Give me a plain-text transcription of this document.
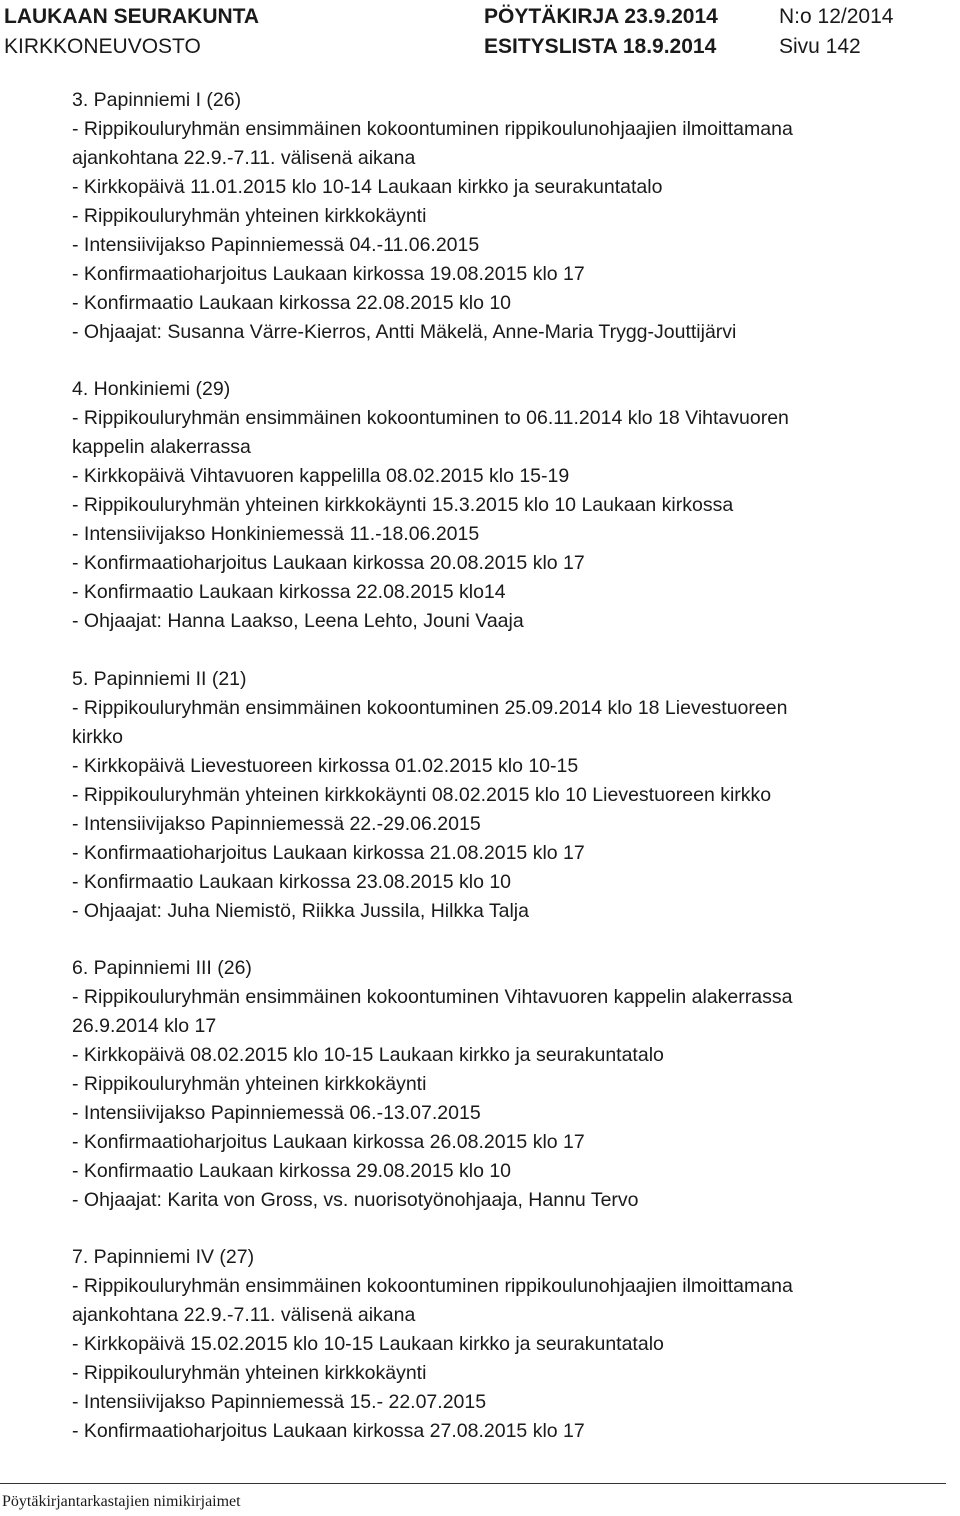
LAUKAAN SEURAKUNTA
KIRKKONEUVOSTO
PÖYTÄKIRJA 23.9.2014
ESITYSLISTA 18.9.2014
N:o 12/2014
Sivu 142
3. Papinniemi I (26)
- Rippikouluryhmän ensimmäinen kokoontuminen rippikoulunohjaajien ilmoittamana
ajankohtana 22.9.-7.11. välisenä aikana
- Kirkkopäivä 11.01.2015 klo 10-14 Laukaan kirkko ja seurakuntatalo
- Rippikouluryhmän yhteinen kirkkokäynti
- Intensiivijakso Papinniemessä 04.-11.06.2015
- Konfirmaatioharjoitus Laukaan kirkossa 19.08.2015 klo 17
- Konfirmaatio Laukaan kirkossa 22.08.2015 klo 10
- Ohjaajat: Susanna Värre-Kierros, Antti Mäkelä, Anne-Maria Trygg-Jouttijärvi
4. Honkiniemi (29)
- Rippikouluryhmän ensimmäinen kokoontuminen to 06.11.2014 klo 18 Vihtavuoren
kappelin alakerrassa
- Kirkkopäivä Vihtavuoren kappelilla 08.02.2015 klo 15-19
- Rippikouluryhmän yhteinen kirkkokäynti 15.3.2015 klo 10 Laukaan kirkossa
- Intensiivijakso Honkiniemessä 11.-18.06.2015
- Konfirmaatioharjoitus Laukaan kirkossa 20.08.2015 klo 17
- Konfirmaatio Laukaan kirkossa 22.08.2015 klo14
- Ohjaajat: Hanna Laakso, Leena Lehto, Jouni Vaaja
5. Papinniemi II (21)
- Rippikouluryhmän ensimmäinen kokoontuminen 25.09.2014 klo 18 Lievestuoreen
kirkko
- Kirkkopäivä Lievestuoreen kirkossa 01.02.2015 klo 10-15
- Rippikouluryhmän yhteinen kirkkokäynti 08.02.2015 klo 10 Lievestuoreen kirkko
- Intensiivijakso Papinniemessä 22.-29.06.2015
- Konfirmaatioharjoitus Laukaan kirkossa 21.08.2015 klo 17
- Konfirmaatio Laukaan kirkossa 23.08.2015 klo 10
- Ohjaajat: Juha Niemistö, Riikka Jussila, Hilkka Talja
6. Papinniemi III (26)
- Rippikouluryhmän ensimmäinen kokoontuminen Vihtavuoren kappelin alakerrassa
26.9.2014 klo 17
- Kirkkopäivä 08.02.2015 klo 10-15 Laukaan kirkko ja seurakuntatalo
- Rippikouluryhmän yhteinen kirkkokäynti
- Intensiivijakso Papinniemessä 06.-13.07.2015
- Konfirmaatioharjoitus Laukaan kirkossa 26.08.2015 klo 17
- Konfirmaatio Laukaan kirkossa 29.08.2015 klo 10
- Ohjaajat: Karita von Gross, vs. nuorisotyönohjaaja, Hannu Tervo
7. Papinniemi IV (27)
- Rippikouluryhmän ensimmäinen kokoontuminen rippikoulunohjaajien ilmoittamana
ajankohtana 22.9.-7.11. välisenä aikana
- Kirkkopäivä 15.02.2015 klo 10-15 Laukaan kirkko ja seurakuntatalo
- Rippikouluryhmän yhteinen kirkkokäynti
- Intensiivijakso Papinniemessä 15.- 22.07.2015
- Konfirmaatioharjoitus Laukaan kirkossa 27.08.2015 klo 17
Pöytäkirjantarkastajien nimikirjaimet
